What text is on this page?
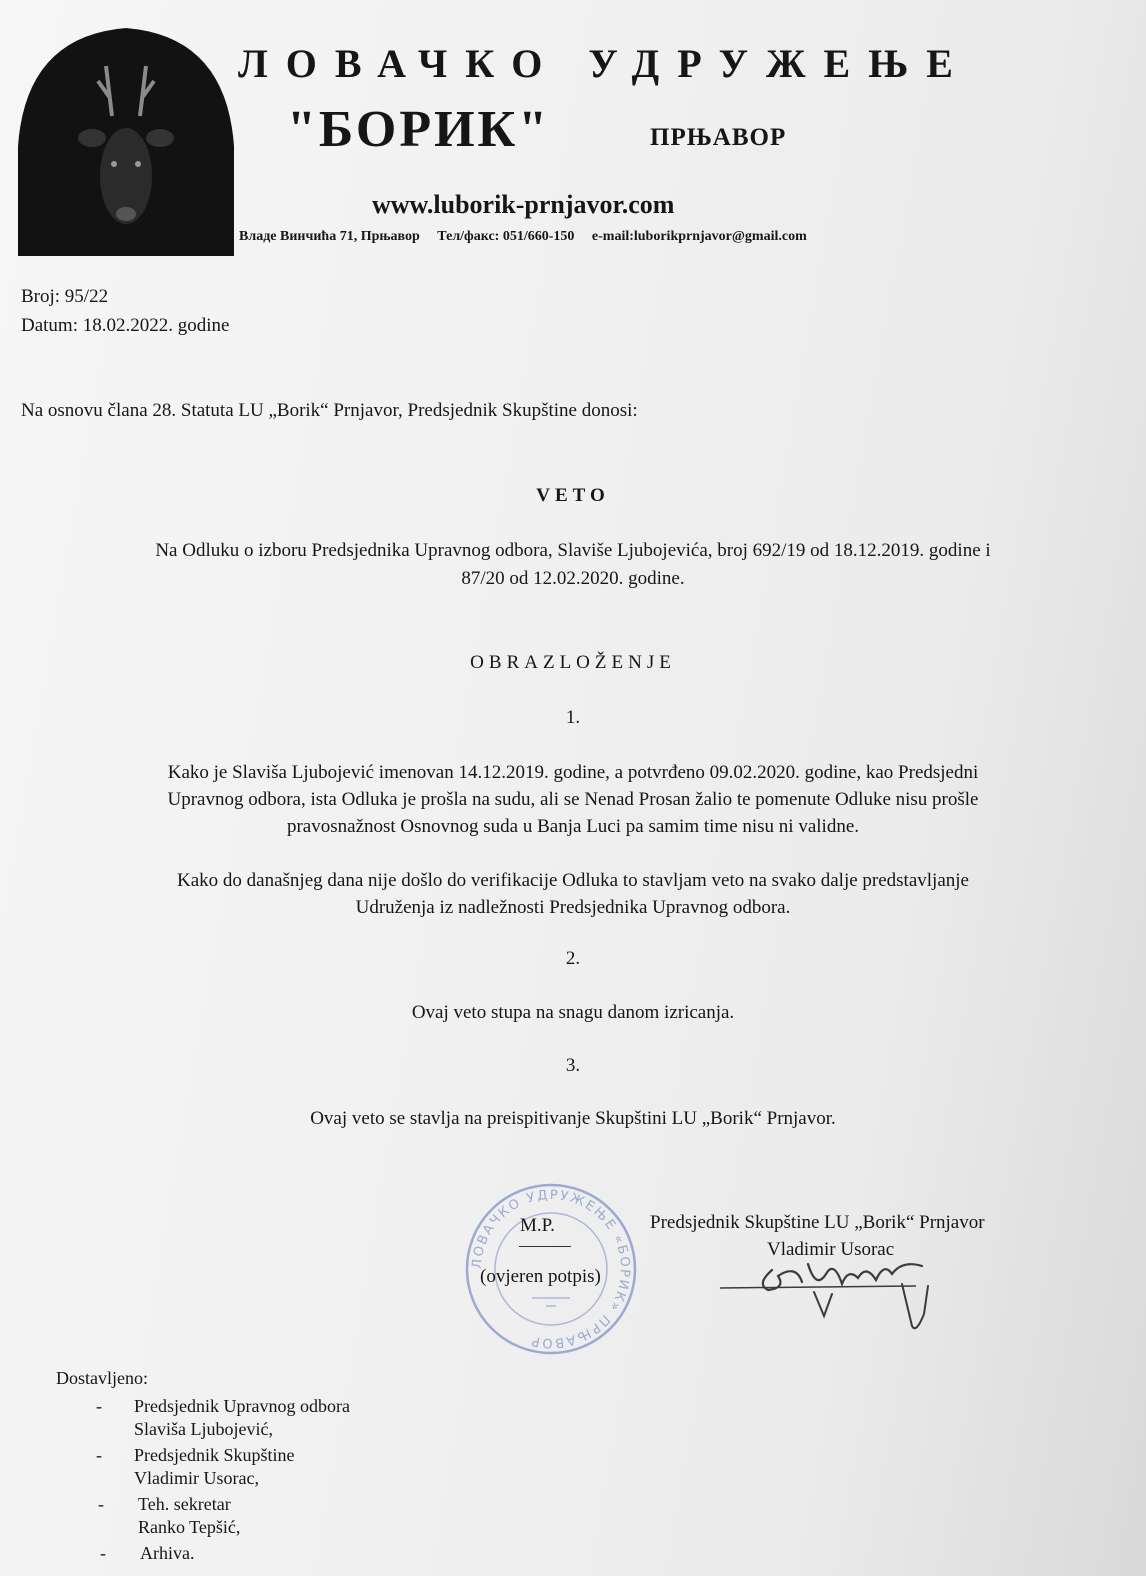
ЛОВАЧКО УДРУЖЕЊЕ
"БОРИК"	ПРЊАВОР
www.luborik-prnjavor.com
Владе Винчића 71, Прњавор Тел/факс: 051/660-150 e-mail:luborikprnjavor@gmail.com
Broj: 95/22
Datum: 18.02.2022. godine
Na osnovu člana 28. Statuta LU „Borik“ Prnjavor, Predsjednik Skupštine donosi:
VETO
Na Odluku o izboru Predsjednika Upravnog odbora, Slaviše Ljubojevića, broj 692/19 od 18.12.2019. godine i
87/20 od 12.02.2020. godine.
OBRAZLOŽENJE
1.
Kako je Slaviša Ljubojević imenovan 14.12.2019. godine, a potvrđeno 09.02.2020. godine, kao Predsjedni
Upravnog odbora, ista Odluka je prošla na sudu, ali se Nenad Prosan žalio te pomenute Odluke nisu prošle
pravosnažnost Osnovnog suda u Banja Luci pa samim time nisu ni validne.
Kako do današnjeg dana nije došlo do verifikacije Odluka to stavljam veto na svako dalje predstavljanje
Udruženja iz nadležnosti Predsjednika Upravnog odbora.
2.
Ovaj veto stupa na snagu danom izricanja.
3.
Ovaj veto se stavlja na preispitivanje Skupštini LU „Borik“ Prnjavor.
ЛОВАЧКО УДРУЖЕЊЕ «БОРИК» ПРЊАВОР
M.P.
(ovjeren potpis)
Predsjednik Skupštine LU „Borik“ Prnjavor
Vladimir Usorac
Dostavljeno:
- Predsjednik Upravnog odbora
Slaviša Ljubojević,
- Predsjednik Skupštine
Vladimir Usorac,
- Teh. sekretar
Ranko Tepšić,
- Arhiva.
